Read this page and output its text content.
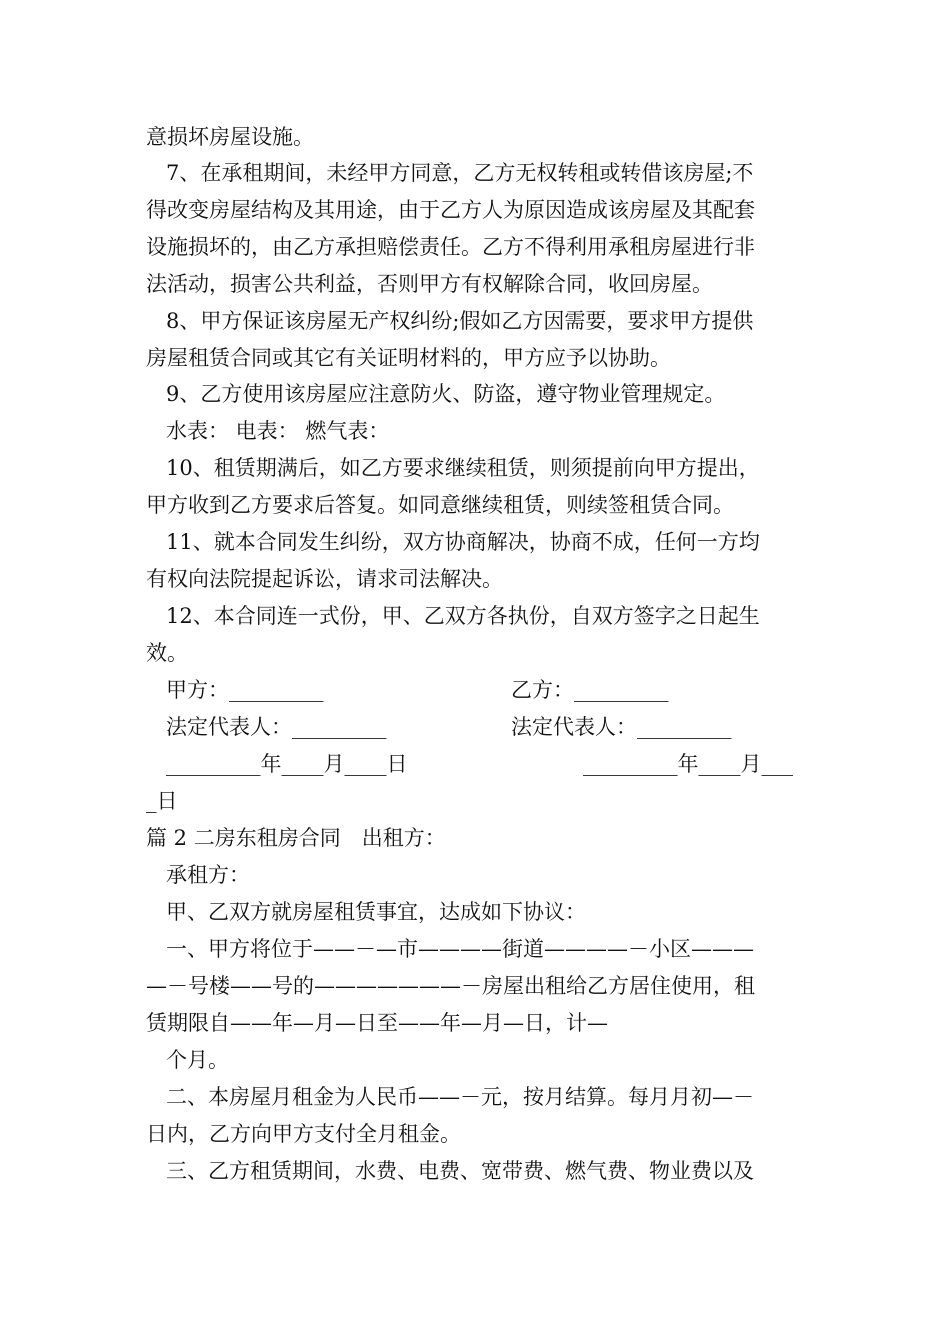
意损坏房屋设施。
7、在承租期间，未经甲方同意，乙方无权转租或转借该房屋;不
得改变房屋结构及其用途，由于乙方人为原因造成该房屋及其配套
设施损坏的，由乙方承担赔偿责任。乙方不得利用承租房屋进行非
法活动，损害公共利益，否则甲方有权解除合同，收回房屋。
8、甲方保证该房屋无产权纠纷;假如乙方因需要，要求甲方提供
房屋租赁合同或其它有关证明材料的，甲方应予以协助。
9、乙方使用该房屋应注意防火、防盗，遵守物业管理规定。
水表： 电表： 燃气表：
10、租赁期满后，如乙方要求继续租赁，则须提前向甲方提出，
甲方收到乙方要求后答复。如同意继续租赁，则续签租赁合同。
11、就本合同发生纠纷，双方协商解决，协商不成，任何一方均
有权向法院提起诉讼，请求司法解决。
12、本合同连一式份，甲、乙双方各执份，自双方签字之日起生
效。
甲方：_________	乙方：_________
法定代表人：_________	法定代表人：_________
_________年____月____日	_________年____月___
_日
篇 2 二房东租房合同　出租方：
承租方：
甲、乙双方就房屋租赁事宜，达成如下协议：
一、甲方将位于——－—市————街道————－小区———
—－号楼——号的———————－房屋出租给乙方居住使用，租
赁期限自——年—月—日至——年—月—日，计—
个月。
二、本房屋月租金为人民币——－元，按月结算。每月月初—－
日内，乙方向甲方支付全月租金。
三、乙方租赁期间，水费、电费、宽带费、燃气费、物业费以及
